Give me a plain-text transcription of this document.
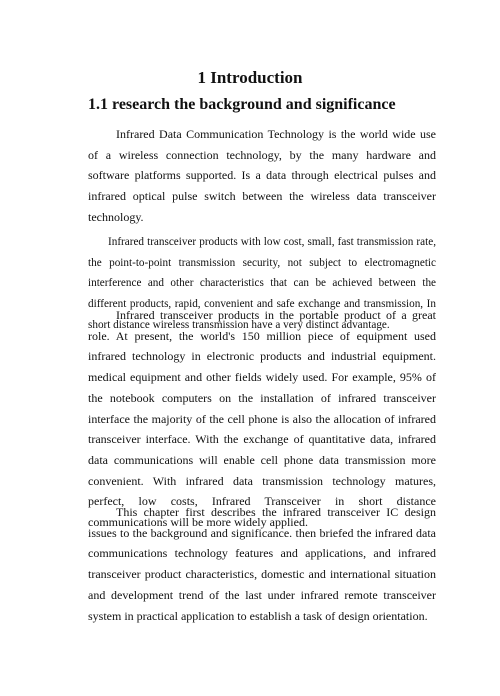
1 Introduction
1.1 research the background and significance

Infrared Data Communication Technology is the world wide use of a wireless connection technology, by the many hardware and software platforms supported. Is a data through electrical pulses and infrared optical pulse switch between the wireless data transceiver technology.

Infrared transceiver products with low cost, small, fast transmission rate, the point-to-point transmission security, not subject to electromagnetic interference and other characteristics that can be achieved between the different products, rapid, convenient and safe exchange and transmission, In short distance wireless transmission have a very distinct advantage.

Infrared transceiver products in the portable product of a great role. At present, the world's 150 million piece of equipment used infrared technology in electronic products and industrial equipment. medical equipment and other fields widely used. For example, 95% of the notebook computers on the installation of infrared transceiver interface the majority of the cell phone is also the allocation of infrared transceiver interface. With the exchange of quantitative data, infrared data communications will enable cell phone data transmission more convenient. With infrared data transmission technology matures, perfect, low costs, Infrared Transceiver in short distance communications will be more widely applied.

This chapter first describes the infrared transceiver IC design issues to the background and significance. then briefed the infrared data communications technology features and applications, and infrared transceiver product characteristics, domestic and international situation and development trend of the last under infrared remote transceiver system in practical application to establish a task of design orientation.
